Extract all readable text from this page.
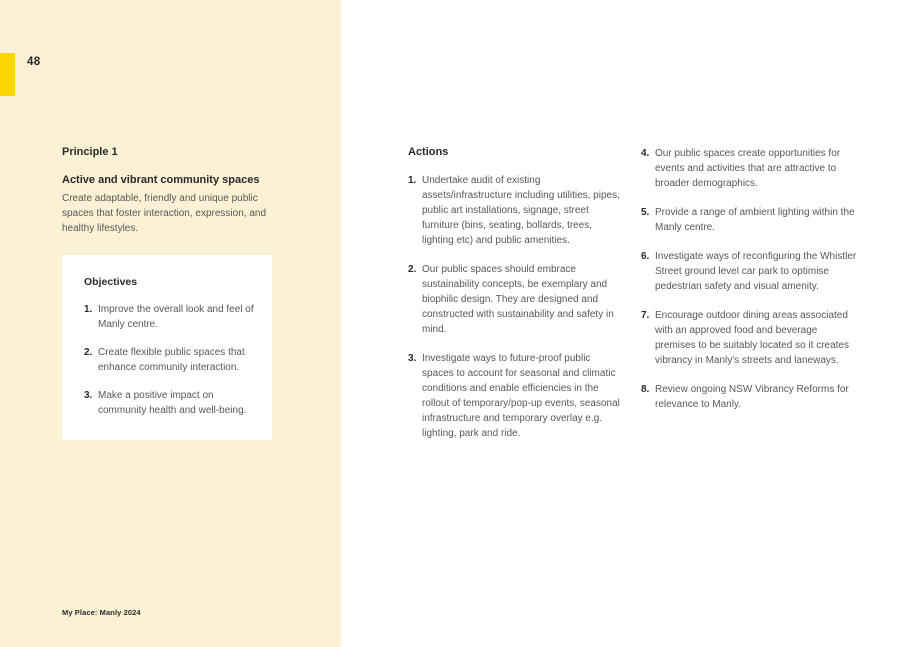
48
Principle 1
Active and vibrant community spaces

Create adaptable, friendly and unique public spaces that foster interaction, expression, and healthy lifestyles.

Objectives
1. Improve the overall look and feel of Manly centre.
2. Create flexible public spaces that enhance community interaction.
3. Make a positive impact on community health and well-being.
My Place: Manly 2024
Actions
1. Undertake audit of existing assets/infrastructure including utilities, pipes, public art installations, signage, street furniture (bins, seating, bollards, trees, lighting etc) and public amenities.
2. Our public spaces should embrace sustainability concepts, be exemplary and biophilic design. They are designed and constructed with sustainability and safety in mind.
3. Investigate ways to future-proof public spaces to account for seasonal and climatic conditions and enable efficiencies in the rollout of temporary/pop-up events, seasonal infrastructure and temporary overlay e.g. lighting, park and ride.
4. Our public spaces create opportunities for events and activities that are attractive to broader demographics.
5. Provide a range of ambient lighting within the Manly centre.
6. Investigate ways of reconfiguring the Whistler Street ground level car park to optimise pedestrian safety and visual amenity.
7. Encourage outdoor dining areas associated with an approved food and beverage premises to be suitably located so it creates vibrancy in Manly's streets and laneways.
8. Review ongoing NSW Vibrancy Reforms for relevance to Manly.
